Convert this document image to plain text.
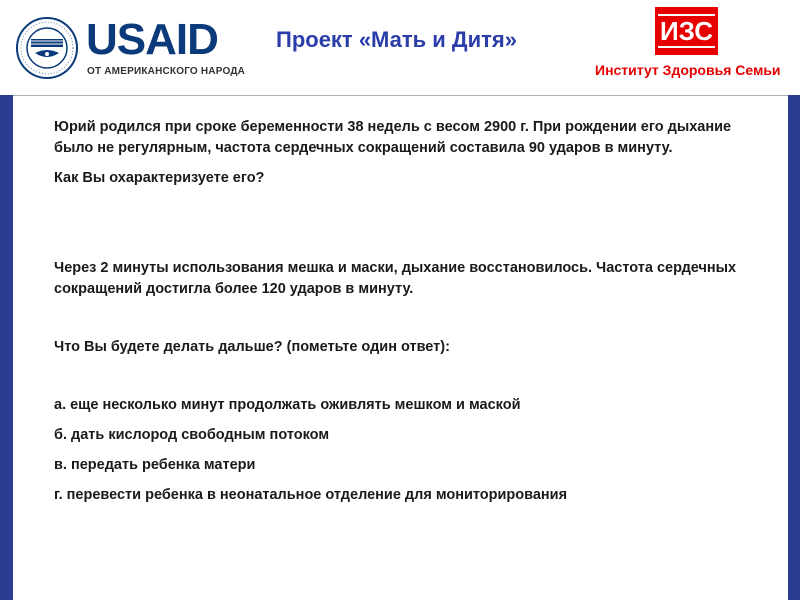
USAID
ОТ АМЕРИКАНСКОГО НАРОДА
Проект «Мать и Дитя»	ИЗС
Институт Здоровья Семьи

Юрий родился при сроке беременности 38 недель с весом 2900 г. При рождении его дыхание было не регулярным, частота сердечных сокращений составила 90 ударов в минуту.

Как Вы охарактеризуете его?

Через 2 минуты использования мешка и маски, дыхание восстановилось. Частота сердечных сокращений достигла более 120 ударов в минуту.

Что Вы будете делать дальше? (пометьте один ответ):

а. еще несколько минут продолжать оживлять мешком и маской

б. дать кислород свободным потоком

в. передать ребенка матери

г. перевести ребенка в неонатальное отделение для мониторирования
